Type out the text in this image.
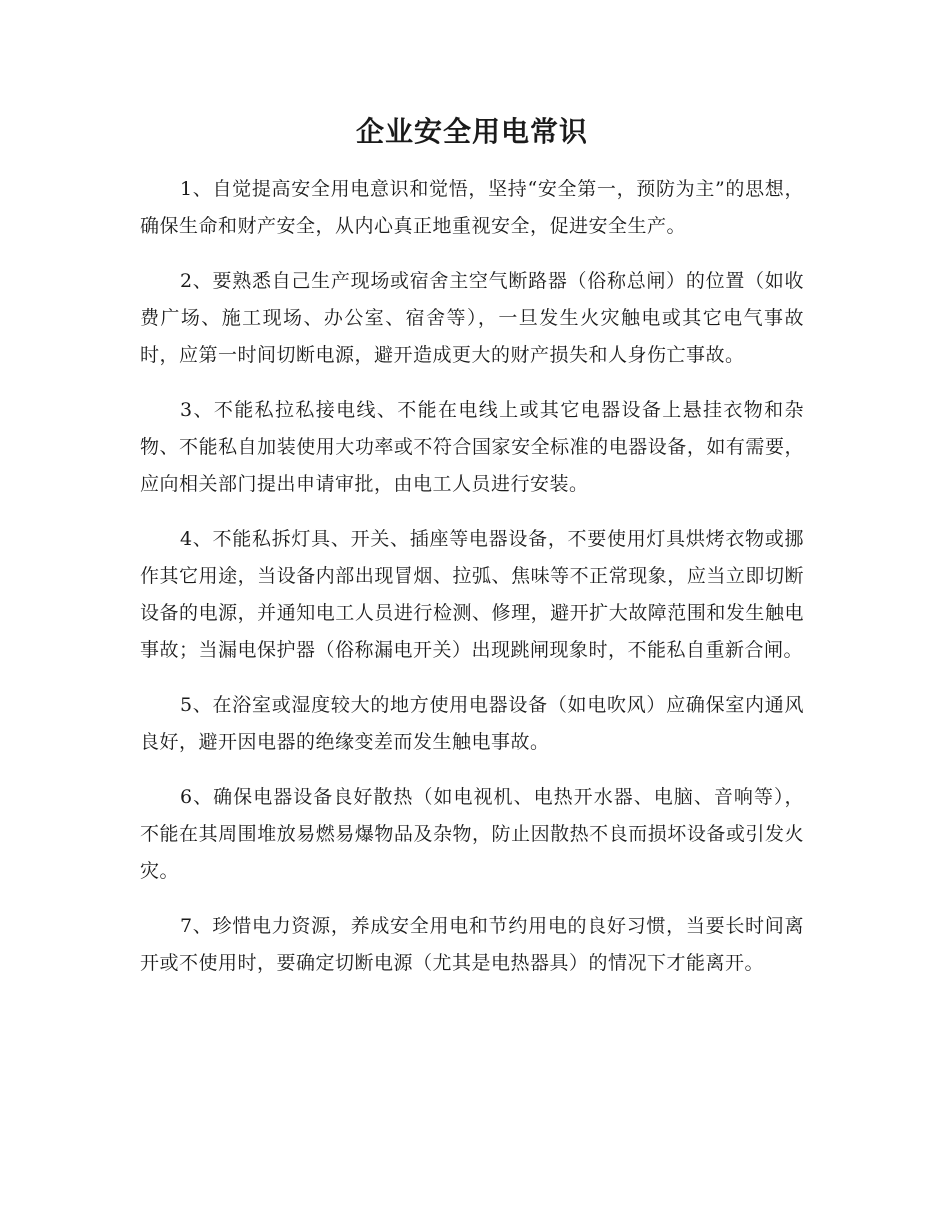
企业安全用电常识

1、自觉提高安全用电意识和觉悟，坚持“安全第一，预防为主”的思想，确保生命和财产安全，从内心真正地重视安全，促进安全生产。

2、要熟悉自己生产现场或宿舍主空气断路器（俗称总闸）的位置（如收费广场、施工现场、办公室、宿舍等），一旦发生火灾触电或其它电气事故时，应第一时间切断电源，避开造成更大的财产损失和人身伤亡事故。

3、不能私拉私接电线、不能在电线上或其它电器设备上悬挂衣物和杂物、不能私自加装使用大功率或不符合国家安全标准的电器设备，如有需要，应向相关部门提出申请审批，由电工人员进行安装。

4、不能私拆灯具、开关、插座等电器设备，不要使用灯具烘烤衣物或挪作其它用途，当设备内部出现冒烟、拉弧、焦味等不正常现象，应当立即切断设备的电源，并通知电工人员进行检测、修理，避开扩大故障范围和发生触电事故；当漏电保护器（俗称漏电开关）出现跳闸现象时，不能私自重新合闸。

5、在浴室或湿度较大的地方使用电器设备（如电吹风）应确保室内通风良好，避开因电器的绝缘变差而发生触电事故。

6、确保电器设备良好散热（如电视机、电热开水器、电脑、音响等），不能在其周围堆放易燃易爆物品及杂物，防止因散热不良而损坏设备或引发火灾。

7、珍惜电力资源，养成安全用电和节约用电的良好习惯，当要长时间离开或不使用时，要确定切断电源（尤其是电热器具）的情况下才能离开。
